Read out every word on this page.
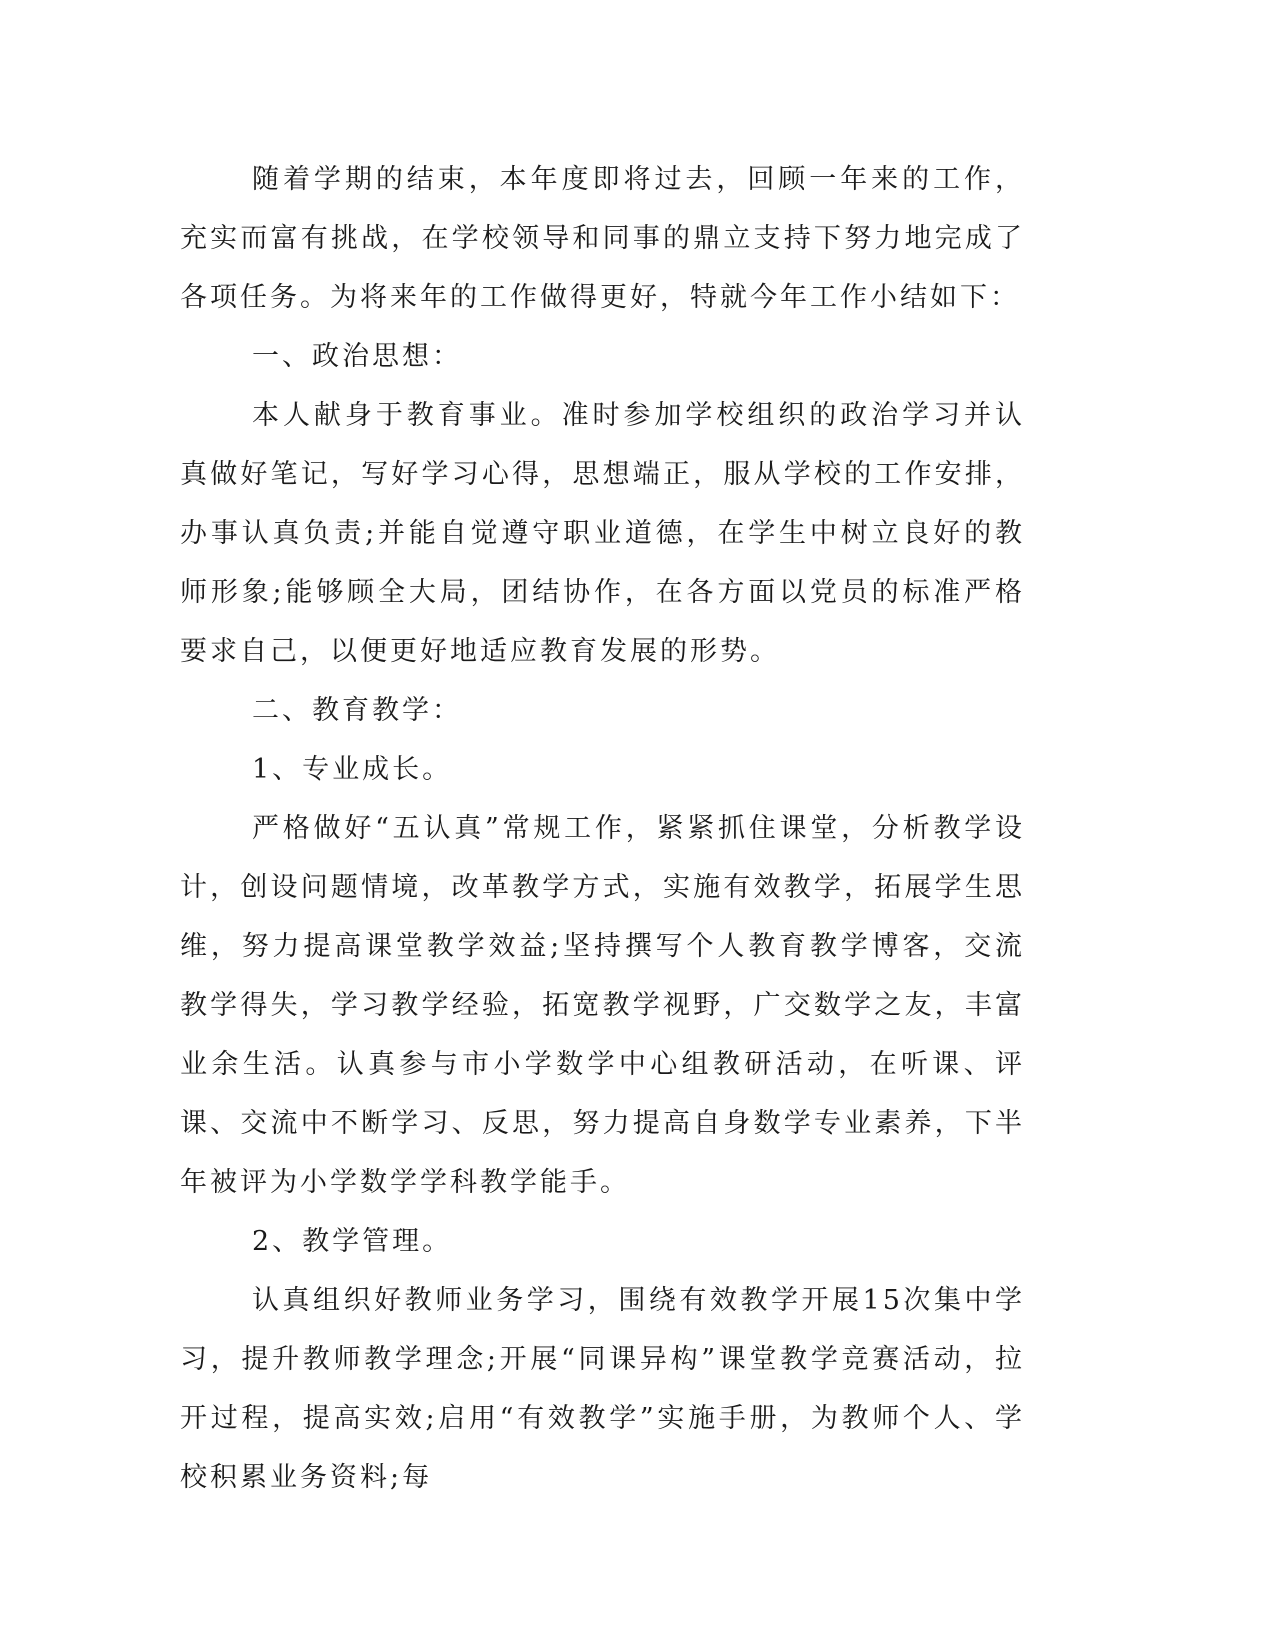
随着学期的结束，本年度即将过去，回顾一年来的工作，充实而富有挑战，在学校领导和同事的鼎立支持下努力地完成了各项任务。为将来年的工作做得更好，特就今年工作小结如下：

一、政治思想：

本人献身于教育事业。准时参加学校组织的政治学习并认真做好笔记，写好学习心得，思想端正，服从学校的工作安排，办事认真负责;并能自觉遵守职业道德，在学生中树立良好的教师形象;能够顾全大局，团结协作，在各方面以党员的标准严格要求自己，以便更好地适应教育发展的形势。

二、教育教学：

1、专业成长。

严格做好“五认真”常规工作，紧紧抓住课堂，分析教学设计，创设问题情境，改革教学方式，实施有效教学，拓展学生思维，努力提高课堂教学效益;坚持撰写个人教育教学博客，交流教学得失，学习教学经验，拓宽教学视野，广交数学之友，丰富业余生活。认真参与市小学数学中心组教研活动，在听课、评课、交流中不断学习、反思，努力提高自身数学专业素养，下半年被评为小学数学学科教学能手。

2、教学管理。

认真组织好教师业务学习，围绕有效教学开展15次集中学习，提升教师教学理念;开展“同课异构”课堂教学竞赛活动，拉开过程，提高实效;启用“有效教学”实施手册，为教师个人、学校积累业务资料;每
